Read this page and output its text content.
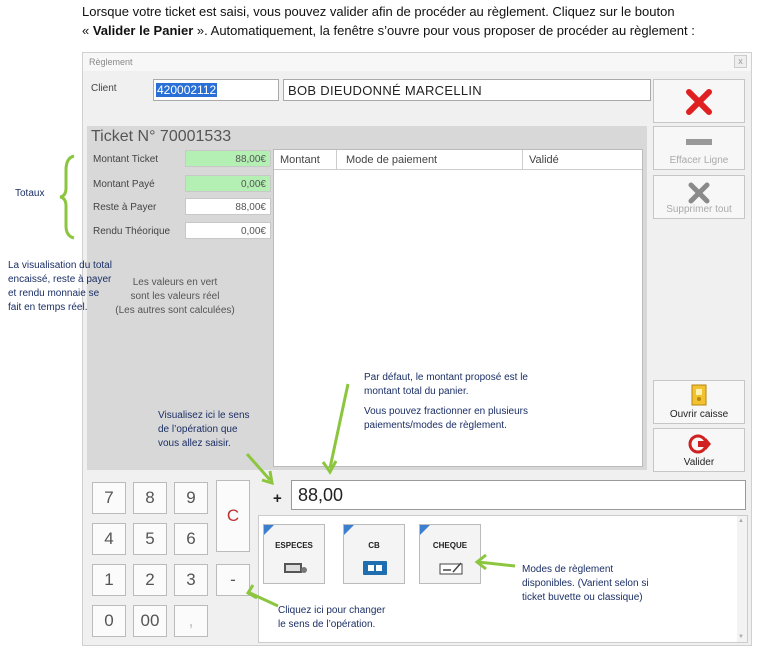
Lorsque votre ticket est saisi, vous pouvez valider afin de procéder au règlement. Cliquez sur le bouton
« Valider le Panier ». Automatiquement, la fenêtre s’ouvre pour vous proposer de procéder au règlement :
Règlement	x
Client	420002112	BOB DIEUDONNÉ MARCELLIN
Effacer Ligne
Supprimer tout
Ouvrir caisse
Valider
Ticket N° 70001533
Montant Ticket	88,00€
Montant Payé	0,00€
Reste à Payer	88,00€
Rendu Théorique	0,00€
Montant Mode de paiement	Validé
+ 88,00
7	8	9
4	5	6
1	2	3
0	00	,
C
-
ESPECES	CB	CHEQUE
▲ ▼
Totaux
La visualisation du total
encaissé, reste à payer
et rendu monnaie se
fait en temps réel.
Les valeurs en vert
sont les valeurs réel
(Les autres sont calculées)
Par défaut, le montant proposé est le
montant total du panier.
Vous pouvez fractionner en plusieurs
paiements/modes de règlement.
Visualisez ici le sens
de l’opération que
vous allez saisir.
Modes de règlement
disponibles. (Varient selon si
ticket buvette ou classique)
Cliquez ici pour changer
le sens de l’opération.
